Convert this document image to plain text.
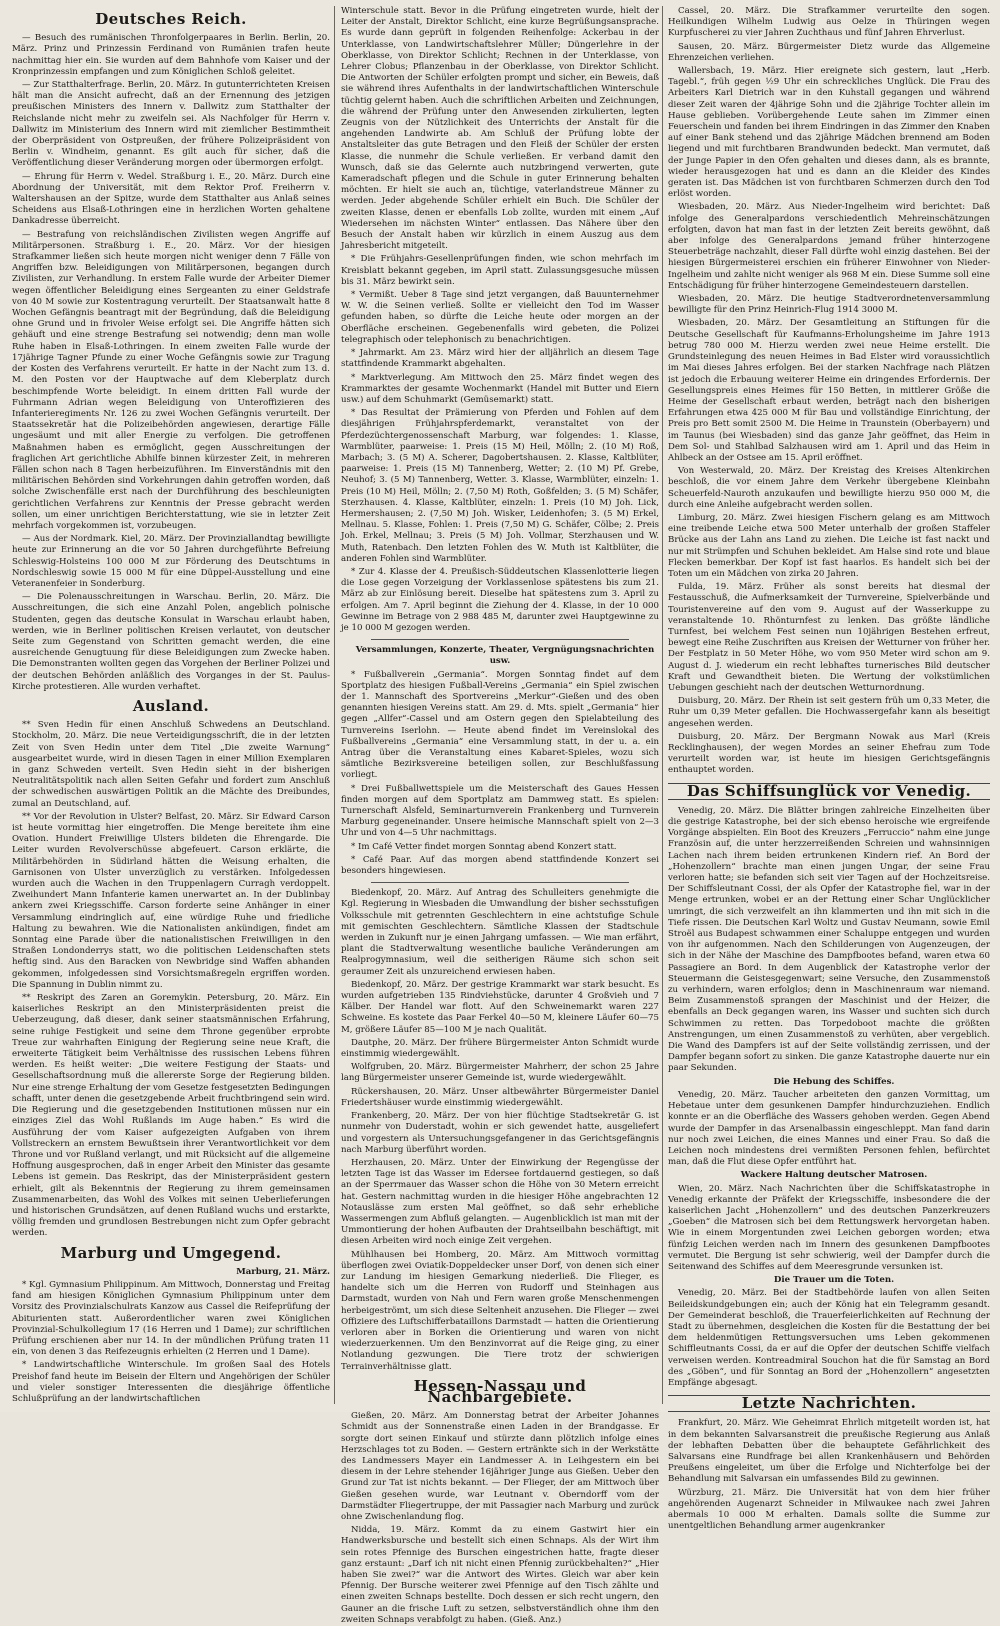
Deutsches Reich.

— Besuch des rumänischen Thronfolgerpaares in Berlin. Berlin, 20. März. Prinz und Prinzessin Ferdinand von Rumänien trafen heute nachmittag hier ein. Sie wurden auf dem Bahnhofe vom Kaiser und der Kronprinzessin empfangen und zum Königlichen Schloß geleitet.

— Zur Statthalterfrage. Berlin, 20. März. In gutunterrichteten Kreisen hält man die Ansicht aufrecht, daß an der Ernennung des jetzigen preußischen Ministers des Innern v. Dallwitz zum Statthalter der Reichslande nicht mehr zu zweifeln sei. Als Nachfolger für Herrn v. Dallwitz im Ministerium des Innern wird mit ziemlicher Bestimmtheit der Oberpräsident von Ostpreußen, der frühere Polizeipräsident von Berlin v. Windheim, genannt. Es gilt auch für sicher, daß die Veröffentlichung dieser Veränderung morgen oder übermorgen erfolgt.

— Ehrung für Herrn v. Wedel. Straßburg i. E., 20. März. Durch eine Abordnung der Universität, mit dem Rektor Prof. Freiherrn v. Waltershausen an der Spitze, wurde dem Statthalter aus Anlaß seines Scheidens aus Elsaß-Lothringen eine in herzlichen Worten gehaltene Dankadresse überreicht.

— Bestrafung von reichsländischen Zivilisten wegen Angriffe auf Militärpersonen. Straßburg i. E., 20. März. Vor der hiesigen Strafkammer ließen sich heute morgen nicht weniger denn 7 Fälle von Angriffen bzw. Beleidigungen von Militärpersonen, begangen durch Zivilisten, zur Verhandlung. In erstem Falle wurde der Arbeiter Diemer wegen öffentlicher Beleidigung eines Sergeanten zu einer Geldstrafe von 40 M sowie zur Kostentragung verurteilt. Der Staatsanwalt hatte 8 Wochen Gefängnis beantragt mit der Begründung, daß die Beleidigung ohne Grund und in frivoler Weise erfolgt sei. Die Angriffe hätten sich gehäuft und eine strenge Bestrafung sei notwendig; denn man wolle Ruhe haben in Elsaß-Lothringen. In einem zweiten Falle wurde der 17jährige Tagner Pfunde zu einer Woche Gefängnis sowie zur Tragung der Kosten des Verfahrens verurteilt. Er hatte in der Nacht zum 13. d. M. den Posten vor der Hauptwache auf dem Kleberplatz durch beschimpfende Worte beleidigt. In einem dritten Fall wurde der Fuhrmann Adrian wegen Beleidigung von Unteroffizieren des Infanterieregiments Nr. 126 zu zwei Wochen Gefängnis verurteilt. Der Staatssekretär hat die Polizeibehörden angewiesen, derartige Fälle ungesäumt und mit aller Energie zu verfolgen. Die getroffenen Maßnahmen haben es ermöglicht, gegen Ausschreitungen der fraglichen Art gerichtliche Abhilfe binnen kürzester Zeit, in mehreren Fällen schon nach 8 Tagen herbeizuführen. Im Einverständnis mit den militärischen Behörden sind Vorkehrungen dahin getroffen worden, daß solche Zwischenfälle erst nach der Durchführung des beschleunigten gerichtlichen Verfahrens zur Kenntnis der Presse gebracht werden sollen, um einer unrichtigen Berichterstattung, wie sie in letzter Zeit mehrfach vorgekommen ist, vorzubeugen.

— Aus der Nordmark. Kiel, 20. März. Der Provinziallandtag bewilligte heute zur Erinnerung an die vor 50 Jahren durchgeführte Befreiung Schleswig-Holsteins 100 000 M zur Förderung des Deutschtums in Nordschleswig sowie 15 000 M für eine Düppel-Ausstellung und eine Veteranenfeier in Sonderburg.

— Die Polenausschreitungen in Warschau. Berlin, 20. März. Die Ausschreitungen, die sich eine Anzahl Polen, angeblich polnische Studenten, gegen das deutsche Konsulat in Warschau erlaubt haben, werden, wie in Berliner politischen Kreisen verlautet, von deutscher Seite zum Gegenstand von Schritten gemacht werden, die eine ausreichende Genugtuung für diese Beleidigungen zum Zwecke haben. Die Demonstranten wollten gegen das Vorgehen der Berliner Polizei und der deutschen Behörden anläßlich des Vorganges in der St. Paulus-Kirche protestieren. Alle wurden verhaftet.

Ausland.

** Sven Hedin für einen Anschluß Schwedens an Deutschland. Stockholm, 20. März. Die neue Verteidigungsschrift, die in der letzten Zeit von Sven Hedin unter dem Titel „Die zweite Warnung“ ausgearbeitet wurde, wird in diesen Tagen in einer Million Exemplaren in ganz Schweden verteilt. Sven Hedin sieht in der bisherigen Neutralitätspolitik nach allen Seiten Gefahr und fordert zum Anschluß der schwedischen auswärtigen Politik an die Mächte des Dreibundes, zumal an Deutschland, auf.

** Vor der Revolution in Ulster? Belfast, 20. März. Sir Edward Carson ist heute vormittag hier eingetroffen. Die Menge bereitete ihm eine Ovation. Hundert Freiwillige Ulsters bildeten die Ehrengarde. Die Leiter wurden Revolverschüsse abgefeuert. Carson erklärte, die Militärbehörden in Südirland hätten die Weisung erhalten, die Garnisonen von Ulster unverzüglich zu verstärken. Infolgedessen wurden auch die Wachen in den Truppenlagern Curragh verdoppelt. Zweihundert Mann Infanterie kamen unerwartet an. In der Dublinbay ankern zwei Kriegsschiffe. Carson forderte seine Anhänger in einer Versammlung eindringlich auf, eine würdige Ruhe und friedliche Haltung zu bewahren. Wie die Nationalisten ankündigen, findet am Sonntag eine Parade über die nationalistischen Freiwilligen in den Straßen Londonderrys statt, wo die politischen Leidenschaften stets heftig sind. Aus den Baracken von Newbridge sind Waffen abhanden gekommen, infolgedessen sind Vorsichtsmaßregeln ergriffen worden. Die Spannung in Dublin nimmt zu.

** Reskript des Zaren an Goremykin. Petersburg, 20. März. Ein kaiserliches Reskript an den Ministerpräsidenten preist die Ueberzeugung, daß dieser, dank seiner staatsmännischen Erfahrung, seine ruhige Festigkeit und seine dem Throne gegenüber erprobte Treue zur wahrhaften Einigung der Regierung seine neue Kraft, die erweiterte Tätigkeit beim Verhältnisse des russischen Lebens führen werden. Es heißt weiter: „Die weitere Festigung der Staats- und Gesellschaftsordnung muß die allererste Sorge der Regierung bilden. Nur eine strenge Erhaltung der vom Gesetze festgesetzten Bedingungen schafft, unter denen die gesetzgebende Arbeit fruchtbringend sein wird. Die Regierung und die gesetzgebenden Institutionen müssen nur ein einziges Ziel das Wohl Rußlands im Auge haben.“ Es wird die Ausführung der vom Kaiser aufgezeigten Aufgaben von ihrem Vollstreckern an ernstem Bewußtsein ihrer Verantwortlichkeit vor dem Throne und vor Rußland verlangt, und mit Rücksicht auf die allgemeine Hoffnung ausgesprochen, daß in enger Arbeit den Minister das gesamte Lebens ist gemein. Das Reskript, das der Ministerpräsident gestern erhielt, gilt als Bekenntnis der Regierung zu ihrem gemeinsamen Zusammenarbeiten, das Wohl des Volkes mit seinen Ueberlieferungen und historischen Grundsätzen, auf denen Rußland wuchs und erstarkte, völlig fremden und grundlosen Bestrebungen nicht zum Opfer gebracht werden.

Marburg und Umgegend.

Marburg, 21. März.

* Kgl. Gymnasium Philippinum. Am Mittwoch, Donnerstag und Freitag fand am hiesigen Königlichen Gymnasium Philippinum unter dem Vorsitz des Provinzialschulrats Kanzow aus Cassel die Reifeprüfung der Abiturienten statt. Außerordentlicher waren zwei Königlichen Provinzial-Schulkollegium 17 (16 Herren und 1 Dame); zur schriftlichen Prüfung erschienen aber nur 14. In der mündlichen Prüfung traten 11 ein, von denen 3 das Reifezeugnis erhielten (2 Herren und 1 Dame).

* Landwirtschaftliche Winterschule. Im großen Saal des Hotels Preishof fand heute im Beisein der Eltern und Angehörigen der Schüler und vieler sonstiger Interessenten die diesjährige öffentliche Schlußprüfung an der landwirtschaftlichen

Winterschule statt. Bevor in die Prüfung eingetreten wurde, hielt der Leiter der Anstalt, Direktor Schlicht, eine kurze Begrüßungsansprache. Es wurde dann geprüft in folgenden Reihenfolge: Ackerbau in der Unterklasse, von Landwirtschaftslehrer Müller; Düngerlehre in der Oberklasse, von Direktor Schlicht; Rechnen in der Unterklasse, von Lehrer Clobus; Pflanzenbau in der Oberklasse, von Direktor Schlicht. Die Antworten der Schüler erfolgten prompt und sicher, ein Beweis, daß sie während ihres Aufenthalts in der landwirtschaftlichen Winterschule tüchtig gelernt haben. Auch die schriftlichen Arbeiten und Zeichnungen, die während der Prüfung unter den Anwesenden zirkulierten, legten Zeugnis von der Nützlichkeit des Unterrichts der Anstalt für die angehenden Landwirte ab. Am Schluß der Prüfung lobte der Anstaltsleiter das gute Betragen und den Fleiß der Schüler der ersten Klasse, die nunmehr die Schule verließen. Er verband damit den Wunsch, daß sie das Gelernte auch nutzbringend verwerten, gute Kameradschaft pflegen und die Schule in guter Erinnerung behalten möchten. Er hielt sie auch an, tüchtige, vaterlandstreue Männer zu werden. Jeder abgehende Schüler erhielt ein Buch. Die Schüler der zweiten Klasse, denen er ebenfalls Lob zollte, wurden mit einem „Auf Wiedersehen im nächsten Winter“ entlassen. Das Nähere über den Besuch der Anstalt haben wir kürzlich in einem Auszug aus dem Jahresbericht mitgeteilt.

* Die Frühjahrs-Gesellenprüfungen finden, wie schon mehrfach im Kreisblatt bekannt gegeben, im April statt. Zulassungsgesuche müssen bis 31. März bewirkt sein.

* Vermißt. Ueber 8 Tage sind jetzt vergangen, daß Bauunternehmer W. W. die Seinen verließ. Sollte er vielleicht den Tod im Wasser gefunden haben, so dürfte die Leiche heute oder morgen an der Oberfläche erscheinen. Gegebenenfalls wird gebeten, die Polizei telegraphisch oder telephonisch zu benachrichtigen.

* Jahrmarkt. Am 23. März wird hier der alljährlich an diesem Tage stattfindende Krammarkt abgehalten.

* Marktverlegung. Am Mittwoch den 25. März findet wegen des Krammarktes der gesamte Wochenmarkt (Handel mit Butter und Eiern usw.) auf dem Schuhmarkt (Gemüsemarkt) statt.

* Das Resultat der Prämierung von Pferden und Fohlen auf dem diesjährigen Frühjahrspferdemarkt, veranstaltet von der Pferdezüchtergenossenschaft Marburg, war folgendes: 1. Klasse, Warmblüter, paarweise: 1. Preis (15 M) Heil, Mölln; 2. (10 M) Roß, Marbach; 3. (5 M) A. Scherer, Dagobertshausen. 2. Klasse, Kaltblüter, paarweise: 1. Preis (15 M) Tannenberg, Wetter; 2. (10 M) Pf. Grebe, Neuhof; 3. (5 M) Tannenberg, Wetter. 3. Klasse, Warmblüter, einzeln: 1. Preis (10 M) Heil, Mölln; 2. (7,50 M) Roth, Goßfelden; 3. (5 M) Schäfer, Sterzhausen. 4. Klasse, Kaltblüter, einzeln: 1. Preis (10 M) Joh. Lick, Hermershausen; 2. (7,50 M) Joh. Wisker, Leidenhofen; 3. (5 M) Erkel, Mellnau. 5. Klasse, Fohlen: 1. Preis (7,50 M) G. Schäfer, Cölbe; 2. Preis Joh. Erkel, Mellnau; 3. Preis (5 M) Joh. Vollmar, Sterzhausen und W. Muth, Ratenbach. Den letzten Fohlen des W. Muth ist Kaltblüter, die anderen Fohlen sind Warmblüter.

* Zur 4. Klasse der 4. Preußisch-Süddeutschen Klassenlotterie liegen die Lose gegen Vorzeigung der Vorklassenlose spätestens bis zum 21. März ab zur Einlösung bereit. Dieselbe hat spätestens zum 3. April zu erfolgen. Am 7. April beginnt die Ziehung der 4. Klasse, in der 10 000 Gewinne im Betrage von 2 988 485 M, darunter zwei Hauptgewinne zu je 10 000 M gezogen werden.

Versammlungen, Konzerte, Theater, Vergnügungsnachrichten usw.

* Fußballverein „Germania“. Morgen Sonntag findet auf dem Sportplatz des hiesigen Fußball-Vereins „Germania“ ein Spiel zwischen der 1. Mannschaft des Sportvereins „Merkur“-Gießen und des oben genannten hiesigen Vereins statt. Am 29. d. Mts. spielt „Germania“ hier gegen „Allfer“-Cassel und am Ostern gegen den Spielabteilung des Turnvereins Iserlohn. — Heute abend findet im Vereinslokal des Fußballvereins „Germania“ eine Versammlung statt, in der u. a. ein Antrag über die Veranstaltung eines Kabaret-Spieles, wozu sich sämtliche Bezirksvereine beteiligen sollen, zur Beschlußfassung vorliegt.

* Drei Fußballwettspiele um die Meisterschaft des Gaues Hessen finden morgen auf dem Sportplatz am Dammweg statt. Es spielen: Turnerschaft Alsfeld, Seminarturnverein Frankenberg und Turnverein Marburg gegeneinander. Unsere heimische Mannschaft spielt von 2—3 Uhr und von 4—5 Uhr nachmittags.

* Im Café Vetter findet morgen Sonntag abend Konzert statt.

* Café Paar. Auf das morgen abend stattfindende Konzert sei besonders hingewiesen.

Biedenkopf, 20. März. Auf Antrag des Schulleiters genehmigte die Kgl. Regierung in Wiesbaden die Umwandlung der bisher sechsstufigen Volksschule mit getrennten Geschlechtern in eine achtstufige Schule mit gemischten Geschlechtern. Sämtliche Klassen der Stadtschule werden in Zukunft nur je einen Jahrgang umfassen. — Wie man erfährt, plant die Stadtverwaltung wesentliche bauliche Veränderungen am Realprogymnasium, weil die seitherigen Räume sich schon seit geraumer Zeit als unzureichend erwiesen haben.

Biedenkopf, 20. März. Der gestrige Krammarkt war stark besucht. Es wurden aufgetrieben 135 Rindviehstücke, darunter 4 Großvieh und 7 Kälber. Der Handel war flott. Auf den Schweinemarkt waren 227 Schweine. Es kostete das Paar Ferkel 40—50 M, kleinere Läufer 60—75 M, größere Läufer 85—100 M je nach Qualität.

Dautphe, 20. März. Der frühere Bürgermeister Anton Schmidt wurde einstimmig wiedergewählt.

Wolfgruben, 20. März. Bürgermeister Mahrherr, der schon 25 Jahre lang Bürgermeister unserer Gemeinde ist, wurde wiedergewählt.

Rückershausen, 20. März. Unser altbewährter Bürgermeister Daniel Friedertshäuser wurde einstimmig wiedergewählt.

Frankenberg, 20. März. Der von hier flüchtige Stadtsekretär G. ist nunmehr von Duderstadt, wohin er sich gewendet hatte, ausgeliefert und vorgestern als Untersuchungsgefangener in das Gerichtsgefängnis nach Marburg überführt worden.

Herzhausen, 20. März. Unter der Einwirkung der Regengüsse der letzten Tage ist das Wasser im Edersee fortdauernd gestiegen, so daß an der Sperrmauer das Wasser schon die Höhe von 30 Metern erreicht hat. Gestern nachmittag wurden in die hiesiger Höhe angebrachten 12 Notauslässe zum ersten Mal geöffnet, so daß sehr erhebliche Wassermengen zum Abfluß gelangten. — Augenblicklich ist man mit der Ummontierung der hohen Aufbauten der Drahtseilbahn beschäftigt, mit diesen Arbeiten wird noch einige Zeit vergehen.

Mühlhausen bei Homberg, 20. März. Am Mittwoch vormittag überflogen zwei Oviatik-Doppeldecker unser Dorf, von denen sich einer zur Landung im hiesigen Gemarkung niederließ. Die Flieger, es handelte sich um die Herren von Rudorff und Steinhagen aus Darmstadt, wurden von Nah und Fern waren große Menschenmengen herbeigeströmt, um sich diese Seltenheit anzusehen. Die Flieger — zwei Offiziere des Luftschifferbataillons Darmstadt — hatten die Orientierung verloren aber in Borken die Orientierung und waren von nicht wiederzuerkennen. Um den Benzinvorrat auf die Reige ging, zu einer Notlandung gezwungen. Die Tiere trotz der schwierigen Terrainverhältnisse glatt.

Hessen-Nassau und Nachbargebiete.

Gießen, 20. März. Am Donnerstag betrat der Arbeiter Johannes Schmidt aus der Sonnenstraße einen Laden in der Brandgasse. Er sorgte dort seinen Einkauf und stürzte dann plötzlich infolge eines Herzschlages tot zu Boden. — Gestern ertränkte sich in der Werkstätte des Landmessers Mayer ein Landmesser A. in Leihgestern ein bei diesem in der Lehre stehender 16jähriger Junge aus Gießen. Ueber den Grund zur Tat ist nichts bekannt. — Der Flieger, der am Mittwoch über Gießen gesehen wurde, war Leutnant v. Oberndorff vom der Darmstädter Fliegertruppe, der mit Passagier nach Marburg und zurück ohne Zwischenlandung flog.

Nidda, 19. März. Kommt da zu einem Gastwirt hier ein Handwerksbursche und bestellt sich einen Schnaps. Als der Wirt ihm sein rotes Pfennige des Burschen eingestrichen hatte, fragte dieser ganz erstaunt: „Darf ich nit nicht einen Pfennig zurückbehalten?“ „Hier haben Sie zwei?“ war die Antwort des Wirtes. Gleich war aber kein Pfennig. Der Bursche weiterer zwei Pfennige auf den Tisch zählte und einen zweiten Schnaps bestellte. Doch dessen er sich recht ungern, den Gauner an die frische Luft zu setzen, selbstverständlich ohne ihm den zweiten Schnaps verabfolgt zu haben. (Gieß. Anz.)

Cassel, 20. März. Die Strafkammer verurteilte den sogen. Heilkundigen Wilhelm Ludwig aus Oelze in Thüringen wegen Kurpfuscherei zu vier Jahren Zuchthaus und fünf Jahren Ehrverlust.

Sausen, 20. März. Bürgermeister Dietz wurde das Allgemeine Ehrenzeichen verliehen.

Wallersbach, 19. März. Hier ereignete sich gestern, laut „Herb. Tagebl.“, früh gegen ½9 Uhr ein schreckliches Unglück. Die Frau des Arbeiters Karl Dietrich war in den Kuhstall gegangen und während dieser Zeit waren der 4jährige Sohn und die 2jährige Tochter allein im Hause geblieben. Vorübergehende Leute sahen im Zimmer einen Feuerschein und fanden bei ihrem Eindringen in das Zimmer den Knaben auf einer Bank stehend und das 2jährige Mädchen brennend am Boden liegend und mit furchtbaren Brandwunden bedeckt. Man vermutet, daß der Junge Papier in den Ofen gehalten und dieses dann, als es brannte, wieder herausgezogen hat und es dann an die Kleider des Kindes geraten ist. Das Mädchen ist von furchtbaren Schmerzen durch den Tod erlöst worden.

Wiesbaden, 20. März. Aus Nieder-Ingelheim wird berichtet: Daß infolge des Generalpardons verschiedentlich Mehreinschätzungen erfolgten, davon hat man fast in der letzten Zeit bereits gewöhnt, daß aber infolge des Generalpardons jemand früher hinterzogene Steuerbeträge nachzahlt, dieser Fall dürfte wohl einzig dastehen. Bei der hiesigen Bürgermeisterei erschien ein früherer Einwohner von Nieder-Ingelheim und zahlte nicht weniger als 968 M ein. Diese Summe soll eine Entschädigung für früher hinterzogene Gemeindesteuern darstellen.

Wiesbaden, 20. März. Die heutige Stadtverordnetenversammlung bewilligte für den Prinz Heinrich-Flug 1914 3000 M.

Wiesbaden, 20. März. Der Gesamtleitung an Stiftungen für die Deutsche Gesellschaft für Kaufmanns-Erholungsheime im Jahre 1913 betrug 780 000 M. Hierzu werden zwei neue Heime erstellt. Die Grundsteinlegung des neuen Heimes in Bad Elster wird voraussichtlich im Mai dieses Jahres erfolgen. Bei der starken Nachfrage nach Plätzen ist jedoch die Erbauung weiterer Heime ein dringendes Erfordernis. Der Gesellungspreis eines Heimes für 150 Betten, in mittlerer Größe die Heime der Gesellschaft erbaut werden, beträgt nach den bisherigen Erfahrungen etwa 425 000 M für Bau und vollständige Einrichtung, der Preis pro Bett somit 2500 M. Die Heime in Traunstein (Oberbayern) und im Taunus (bei Wiesbaden) sind das ganze Jahr geöffnet, das Heim in Dem Sol- und Stahlbad Salzhausen wird am 1. April und das Heim in Ahlbeck an der Ostsee am 15. April eröffnet.

Von Westerwald, 20. März. Der Kreistag des Kreises Altenkirchen beschloß, die vor einem Jahre dem Verkehr übergebene Kleinbahn Scheuerfeld-Nauroth anzukaufen und bewilligte hierzu 950 000 M, die durch eine Anleihe aufgebracht werden sollen.

Limburg, 20. März. Zwei hiesigen Fischern gelang es am Mittwoch eine treibende Leiche etwa 500 Meter unterhalb der großen Staffeler Brücke aus der Lahn ans Land zu ziehen. Die Leiche ist fast nackt und nur mit Strümpfen und Schuhen bekleidet. Am Halse sind rote und blaue Flecken bemerkbar. Der Kopf ist fast haarlos. Es handelt sich bei der Toten um ein Mädchen von zirka 20 Jahren.

Fulda, 19. März. Früher als sonst bereits hat diesmal der Festausschuß, die Aufmerksamkeit der Turnvereine, Spielverbände und Touristenvereine auf den vom 9. August auf der Wasserkuppe zu veranstaltende 10. Rhönturnfest zu lenken. Das größte ländliche Turnfest, bei welchem Fest seinen nun 10jährigen Bestehen erfreut, bewegt eine Reihe Zuschriften aus Kreisen der Wetturner von früher her. Der Festplatz in 50 Meter Höhe, wo vom 950 Meter wird schon am 9. August d. J. wiederum ein recht lebhaftes turnerisches Bild deutscher Kraft und Gewandtheit bieten. Die Wertung der volkstümlichen Uebungen geschieht nach der deutschen Wetturnordnung.

Duisburg, 20. März. Der Rhein ist seit gestern früh um 0,33 Meter, die Ruhr um 0,39 Meter gefallen. Die Hochwassergefahr kann als beseitigt angesehen werden.

Duisburg, 20. März. Der Bergmann Nowak aus Marl (Kreis Recklinghausen), der wegen Mordes an seiner Ehefrau zum Tode verurteilt worden war, ist heute im hiesigen Gerichtsgefängnis enthauptet worden.

Das Schiffsunglück vor Venedig.

Venedig, 20. März. Die Blätter bringen zahlreiche Einzelheiten über die gestrige Katastrophe, bei der sich ebenso heroische wie ergreifende Vorgänge abspielten. Ein Boot des Kreuzers „Ferruccio“ nahm eine junge Französin auf, die unter herzzerreißenden Schreien und wahnsinnigen Lachen nach ihrem beiden ertrunkenen Kindern rief. An Bord der „Hohenzollern“ brachte man einen jungen Ungar, der seine Frau verloren hatte; sie befanden sich seit vier Tagen auf der Hochzeitsreise. Der Schiffsleutnant Cossi, der als Opfer der Katastrophe fiel, war in der Menge ertrunken, wobei er an der Rettung einer Schar Unglücklicher umringt, die sich verzweifelt an ihn klammerten und ihn mit sich in die Tiefe rissen. Die Deutschen Karl Woltz und Gustav Neumann, sowie Emil Stroël aus Budapest schwammen einer Schaluppe entgegen und wurden von ihr aufgenommen. Nach den Schilderungen von Augenzeugen, der sich in der Nähe der Maschine des Dampfbootes befand, waren etwa 60 Passagiere an Bord. In dem Augenblick der Katastrophe verlor der Steuermann die Geistesgegenwart; seine Versuche, den Zusammenstoß zu verhindern, waren erfolglos; denn in Maschinenraum war niemand. Beim Zusammenstoß sprangen der Maschinist und der Heizer, die ebenfalls an Deck gegangen waren, ins Wasser und suchten sich durch Schwimmen zu retten. Das Torpedoboot machte die größten Anstrengungen, um einen Zusammenstoß zu verhüten, aber vergeblich. Die Wand des Dampfers ist auf der Seite vollständig zerrissen, und der Dampfer begann sofort zu sinken. Die ganze Katastrophe dauerte nur ein paar Sekunden.

Die Hebung des Schiffes.

Venedig, 20. März. Taucher arbeiteten den ganzen Vormittag, um Hebetaue unter dem gesunkenen Dampfer hindurchzuziehen. Endlich konnte er an die Oberfläche des Wassers gehoben werden. Gegen Abend wurde der Dampfer in das Arsenalbassin eingeschleppt. Man fand darin nur noch zwei Leichen, die eines Mannes und einer Frau. So daß die Leichen noch mindestens drei vermißten Personen fehlen, befürchtet man, daß die Flut diese Opfer entführt hat.

Wackere Haltung deutscher Matrosen.

Wien, 20. März. Nach Nachrichten über die Schiffskatastrophe in Venedig erkannte der Präfekt der Kriegsschiffe, insbesondere die der kaiserlichen Jacht „Hohenzollern“ und des deutschen Panzerkreuzers „Goeben“ die Matrosen sich bei dem Rettungswerk hervorgetan haben. Wie in einem Morgentunden zwei Leichen geborgen worden; etwa fünfzig Leichen werden nach im Innern des gesunkenen Dampfbootes vermutet. Die Bergung ist sehr schwierig, weil der Dampfer durch die Seitenwand des Schiffes auf dem Meeresgrunde versunken ist.

Die Trauer um die Toten.

Venedig, 20. März. Bei der Stadtbehörde laufen von allen Seiten Beileidskundgebungen ein; auch der König hat ein Telegramm gesandt. Der Gemeinderat beschloß, die Trauerfeierlichkeiten auf Rechnung der Stadt zu übernehmen, desgleichen die Kosten für die Bestattung der bei dem heldenmütigen Rettungsversuchen ums Leben gekommenen Schiffleutnants Cossi, da er auf die Opfer der deutschen Schiffe vielfach verweisen werden. Kontreadmiral Souchon hat die für Samstag an Bord des „Göben“, und für Sonntag an Bord der „Hohenzollern“ angesetzten Empfänge abgesagt.

Letzte Nachrichten.

Frankfurt, 20. März. Wie Geheimrat Ehrlich mitgeteilt worden ist, hat in dem bekannten Salvarsanstreit die preußische Regierung aus Anlaß der lebhaften Debatten über die behauptete Gefährlichkeit des Salvarsans eine Rundfrage bei allen Krankenhäusern und Behörden Preußens eingeleitet, um über die Erfolge und Nichterfolge bei der Behandlung mit Salvarsan ein umfassendes Bild zu gewinnen.

Würzburg, 21. März. Die Universität hat von dem hier früher angehörenden Augenarzt Schneider in Milwaukee nach zwei Jahren abermals 10 000 M erhalten. Damals sollte die Summe zur unentgeltlichen Behandlung armer augenkranker
